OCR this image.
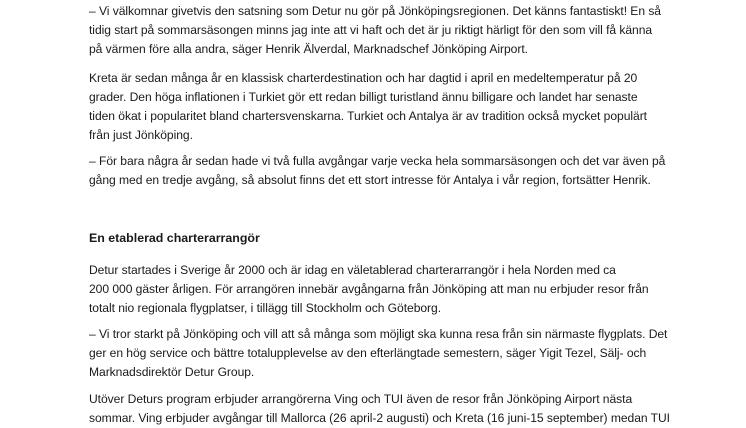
– Vi välkomnar givetvis den satsning som Detur nu gör på Jönköpingsregionen. Det känns fantastiskt! En så
tidig start på sommarsäsongen minns jag inte att vi haft och det är ju riktigt härligt för den som vill få känna
på värmen före alla andra, säger Henrik Älverdal, Marknadschef Jönköping Airport.

Kreta är sedan många år en klassisk charterdestination och har dagtid i april en medeltemperatur på 20
grader. Den höga inflationen i Turkiet gör ett redan billigt turistland ännu billigare och landet har senaste
tiden ökat i popularitet bland chartersvenskarna. Turkiet och Antalya är av tradition också mycket populärt
från just Jönköping.

– För bara några år sedan hade vi två fulla avgångar varje vecka hela sommarsäsongen och det var även på
gång med en tredje avgång, så absolut finns det ett stort intresse för Antalya i vår region, fortsätter Henrik.

En etablerad charterarrangör

Detur startades i Sverige år 2000 och är idag en väletablerad charterarrangör i hela Norden med ca
200 000 gäster årligen. För arrangören innebär avgångarna från Jönköping att man nu erbjuder resor från
totalt nio regionala flygplatser, i tillägg till Stockholm och Göteborg.

– Vi tror starkt på Jönköping och vill att så många som möjligt ska kunna resa från sin närmaste flygplats. Det
ger en hög service och bättre totalupplevelse av den efterlängtade semestern, säger Yigit Tezel, Sälj- och
Marknadsdirektör Detur Group.

Utöver Deturs program erbjuder arrangörerna Ving och TUI även de resor från Jönköping Airport nästa
sommar. Ving erbjuder avgångar till Mallorca (26 april-2 augusti) och Kreta (16 juni-15 september) medan TUI
